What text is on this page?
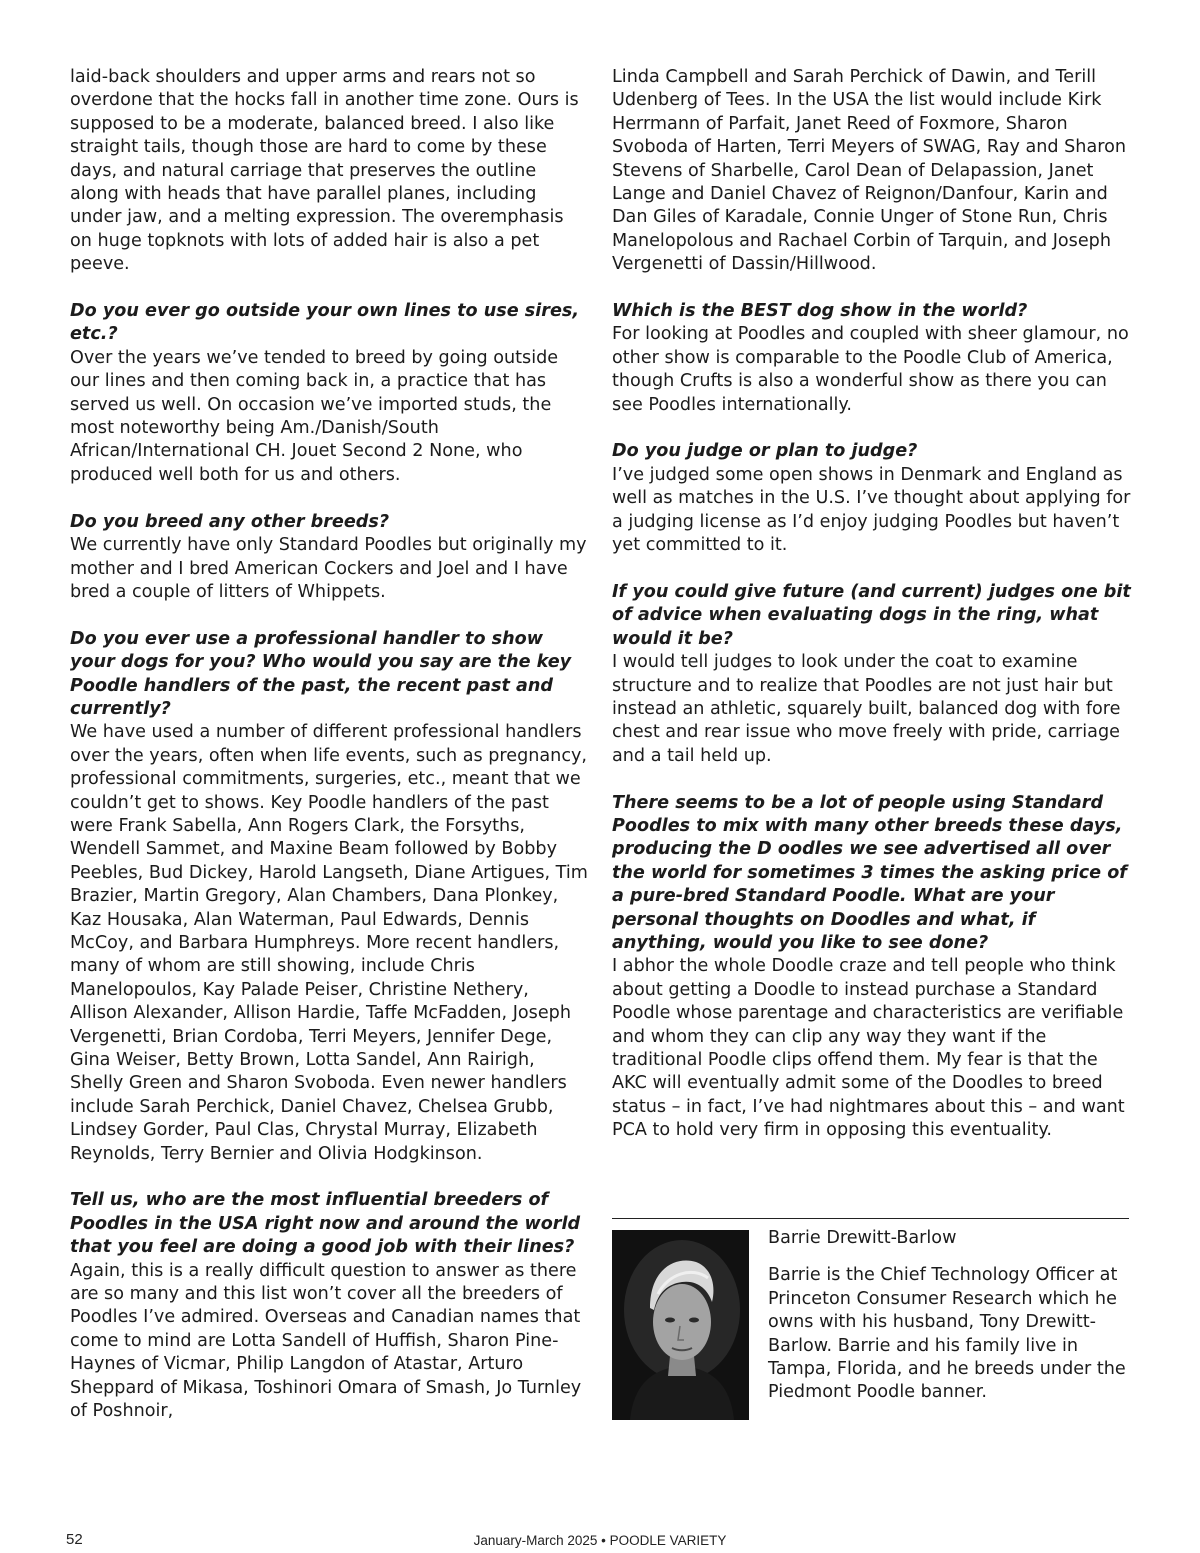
laid-back shoulders and upper arms and rears not so overdone that the hocks fall in another time zone. Ours is supposed to be a moderate, balanced breed. I also like straight tails, though those are hard to come by these days, and natural carriage that preserves the outline along with heads that have parallel planes, including under jaw, and a melting expression. The overemphasis on huge topknots with lots of added hair is also a pet peeve.

Do you ever go outside your own lines to use sires, etc.?

Over the years we’ve tended to breed by going outside our lines and then coming back in, a practice that has served us well. On occasion we’ve imported studs, the most noteworthy being Am./Danish/South African/International CH. Jouet Second 2 None, who produced well both for us and others.

Do you breed any other breeds?

We currently have only Standard Poodles but originally my mother and I bred American Cockers and Joel and I have bred a couple of litters of Whippets.

Do you ever use a professional handler to show your dogs for you? Who would you say are the key Poodle handlers of the past, the recent past and currently?

We have used a number of different professional handlers over the years, often when life events, such as pregnancy, professional commitments, surgeries, etc., meant that we couldn’t get to shows. Key Poodle handlers of the past were Frank Sabella, Ann Rogers Clark, the Forsyths, Wendell Sammet, and Maxine Beam followed by Bobby Peebles, Bud Dickey, Harold Langseth, Diane Artigues, Tim Brazier, Martin Gregory, Alan Chambers, Dana Plonkey, Kaz Housaka, Alan Waterman, Paul Edwards, Dennis McCoy, and Barbara Humphreys. More recent handlers, many of whom are still showing, include Chris Manelopoulos, Kay Palade Peiser, Christine Nethery, Allison Alexander, Allison Hardie, Taffe McFadden, Joseph Vergenetti, Brian Cordoba, Terri Meyers, Jennifer Dege, Gina Weiser, Betty Brown, Lotta Sandel, Ann Rairigh, Shelly Green and Sharon Svoboda. Even newer handlers include Sarah Perchick, Daniel Chavez, Chelsea Grubb, Lindsey Gorder, Paul Clas, Chrystal Murray, Elizabeth Reynolds, Terry Bernier and Olivia Hodgkinson.

Tell us, who are the most influential breeders of Poodles in the USA right now and around the world that you feel are doing a good job with their lines?

Again, this is a really difficult question to answer as there are so many and this list won’t cover all the breeders of Poodles I’ve admired. Overseas and Canadian names that come to mind are Lotta Sandell of Huffish, Sharon Pine-Haynes of Vicmar, Philip Langdon of Atastar, Arturo Sheppard of Mikasa, Toshinori Omara of Smash, Jo Turnley of Poshnoir,

Linda Campbell and Sarah Perchick of Dawin, and Terill Udenberg of Tees. In the USA the list would include Kirk Herrmann of Parfait, Janet Reed of Foxmore, Sharon Svoboda of Harten, Terri Meyers of SWAG, Ray and Sharon Stevens of Sharbelle, Carol Dean of Delapassion, Janet Lange and Daniel Chavez of Reignon/Danfour, Karin and Dan Giles of Karadale, Connie Unger of Stone Run, Chris Manelopolous and Rachael Corbin of Tarquin, and Joseph Vergenetti of Dassin/Hillwood.

Which is the BEST dog show in the world?

For looking at Poodles and coupled with sheer glamour, no other show is comparable to the Poodle Club of America, though Crufts is also a wonderful show as there you can see Poodles internationally.

Do you judge or plan to judge?

I’ve judged some open shows in Denmark and England as well as matches in the U.S. I’ve thought about applying for a judging license as I’d enjoy judging Poodles but haven’t yet committed to it.

If you could give future (and current) judges one bit of advice when evaluating dogs in the ring, what would it be?

I would tell judges to look under the coat to examine structure and to realize that Poodles are not just hair but instead an athletic, squarely built, balanced dog with fore chest and rear issue who move freely with pride, carriage and a tail held up.

There seems to be a lot of people using Standard Poodles to mix with many other breeds these days, producing the D oodles we see advertised all over the world for sometimes 3 times the asking price of a pure-bred Standard Poodle. What are your personal thoughts on Doodles and what, if anything, would you like to see done?

I abhor the whole Doodle craze and tell people who think about getting a Doodle to instead purchase a Standard Poodle whose parentage and characteristics are verifiable and whom they can clip any way they want if the traditional Poodle clips offend them. My fear is that the AKC will eventually admit some of the Doodles to breed status – in fact, I’ve had nightmares about this – and want PCA to hold very firm in opposing this eventuality.

Barrie Drewitt-Barlow

Barrie is the Chief Technology Officer at Princeton Consumer Research which he owns with his husband, Tony Drewitt-Barlow. Barrie and his family live in Tampa, Florida, and he breeds under the Piedmont Poodle banner.

52	January-March 2025 • POODLE VARIETY
